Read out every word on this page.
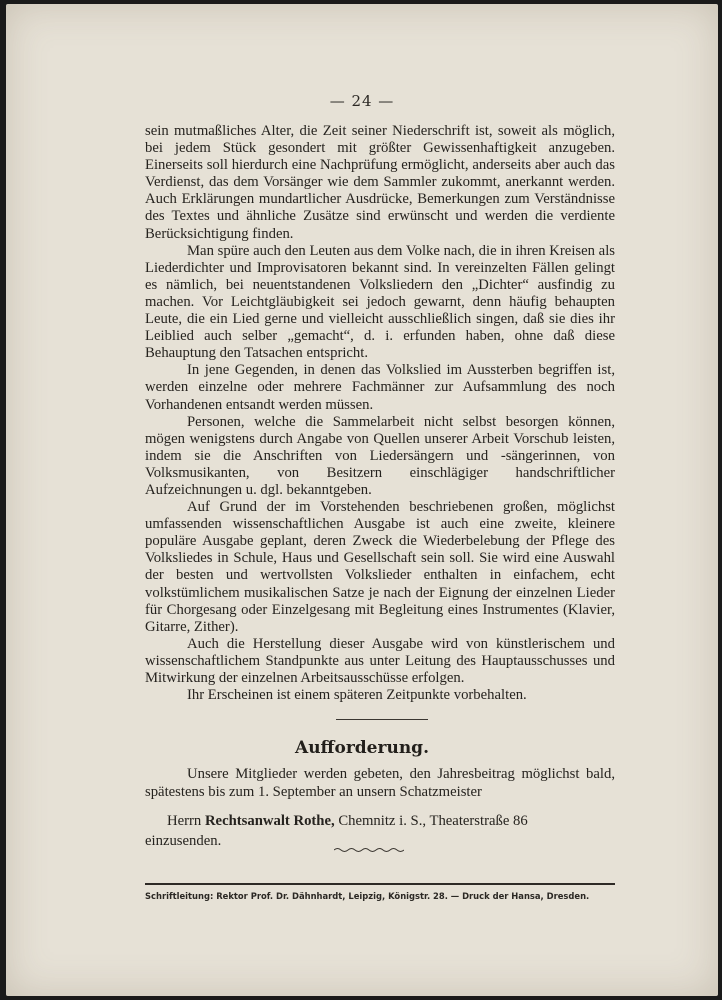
— 24 —

sein mutmaßliches Alter, die Zeit seiner Niederschrift ist, soweit als möglich, bei jedem Stück gesondert mit größter Gewissenhaftigkeit anzugeben. Einerseits soll hierdurch eine Nachprüfung ermöglicht, anderseits aber auch das Verdienst, das dem Vorsänger wie dem Sammler zukommt, anerkannt werden. Auch Erklärungen mundartlicher Ausdrücke, Bemerkungen zum Verständnisse des Textes und ähnliche Zusätze sind erwünscht und werden die verdiente Berücksichtigung finden.

Man spüre auch den Leuten aus dem Volke nach, die in ihren Kreisen als Liederdichter und Improvisatoren bekannt sind. In vereinzelten Fällen gelingt es nämlich, bei neuentstandenen Volksliedern den „Dichter“ ausfindig zu machen. Vor Leichtgläubigkeit sei jedoch gewarnt, denn häufig behaupten Leute, die ein Lied gerne und vielleicht ausschließlich singen, daß sie dies ihr Leiblied auch selber „gemacht“, d. i. erfunden haben, ohne daß diese Behauptung den Tatsachen entspricht.

In jene Gegenden, in denen das Volkslied im Aussterben begriffen ist, werden einzelne oder mehrere Fachmänner zur Aufsammlung des noch Vorhandenen entsandt werden müssen.

Personen, welche die Sammelarbeit nicht selbst besorgen können, mögen wenigstens durch Angabe von Quellen unserer Arbeit Vorschub leisten, indem sie die Anschriften von Liedersängern und -sängerinnen, von Volksmusikanten, von Besitzern einschlägiger handschriftlicher Aufzeichnungen u. dgl. bekanntgeben.

Auf Grund der im Vorstehenden beschriebenen großen, möglichst umfassenden wissenschaftlichen Ausgabe ist auch eine zweite, kleinere populäre Ausgabe geplant, deren Zweck die Wiederbelebung der Pflege des Volksliedes in Schule, Haus und Gesellschaft sein soll. Sie wird eine Auswahl der besten und wertvollsten Volkslieder enthalten in einfachem, echt volkstümlichem musikalischen Satze je nach der Eignung der einzelnen Lieder für Chorgesang oder Einzelgesang mit Begleitung eines Instrumentes (Klavier, Gitarre, Zither).

Auch die Herstellung dieser Ausgabe wird von künstlerischem und wissenschaftlichem Standpunkte aus unter Leitung des Hauptausschusses und Mitwirkung der einzelnen Arbeitsausschüsse erfolgen.

Ihr Erscheinen ist einem späteren Zeitpunkte vorbehalten.

Aufforderung.

Unsere Mitglieder werden gebeten, den Jahresbeitrag möglichst bald, spätestens bis zum 1. September an unsern Schatzmeister

Herrn Rechtsanwalt Rothe, Chemnitz i. S., Theaterstraße 86

einzusenden.

Schriftleitung: Rektor Prof. Dr. Dähnhardt, Leipzig, Königstr. 28. — Druck der Hansa, Dresden.
